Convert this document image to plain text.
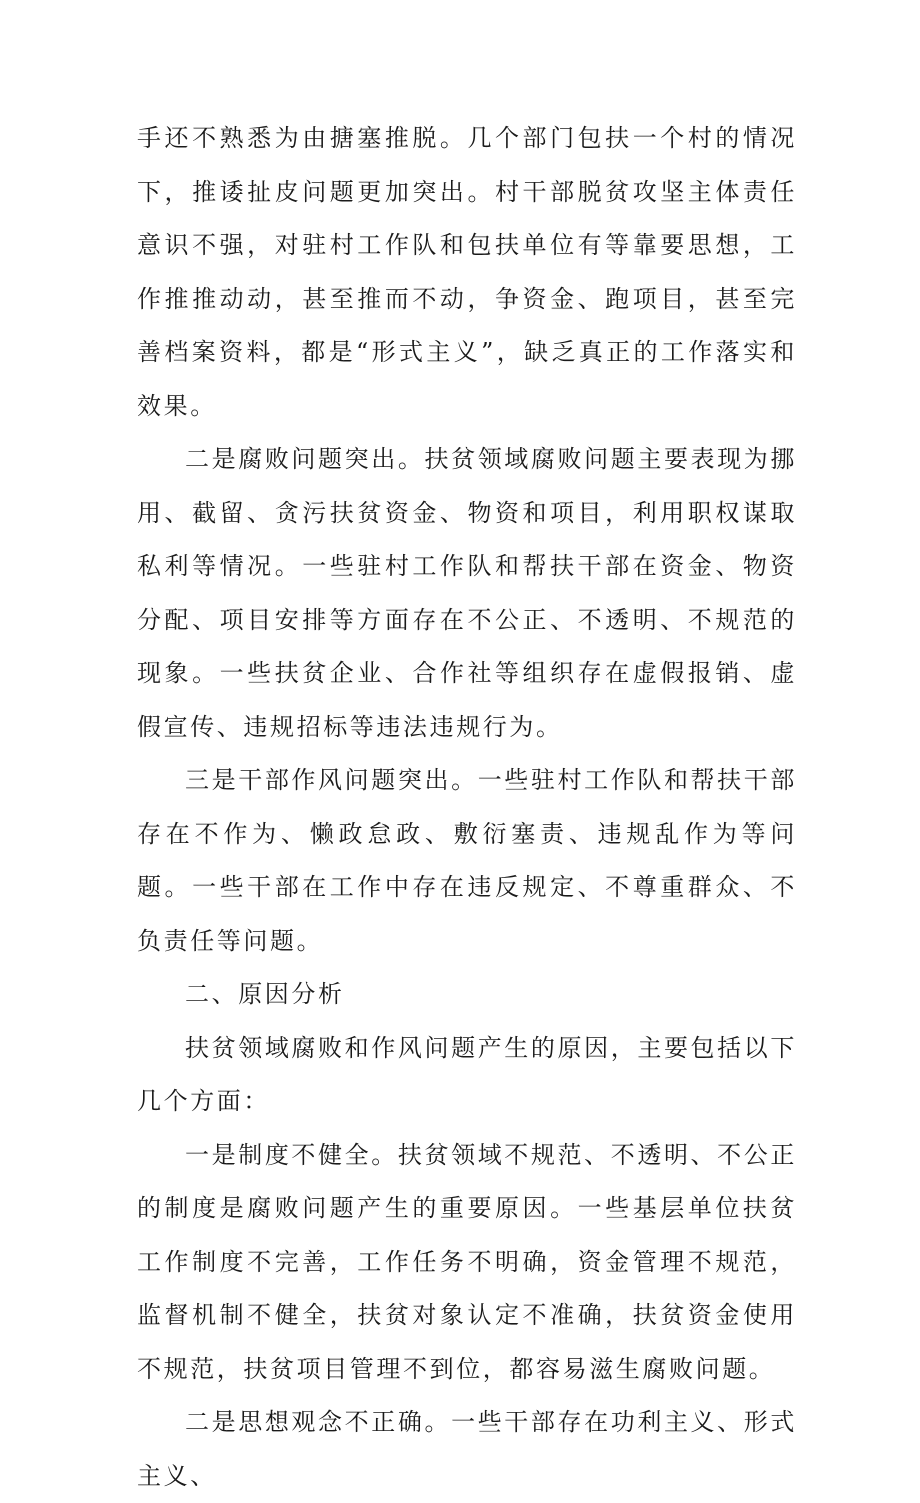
手还不熟悉为由搪塞推脱。几个部门包扶一个村的情况下，推诿扯皮问题更加突出。村干部脱贫攻坚主体责任意识不强，对驻村工作队和包扶单位有等靠要思想，工作推推动动，甚至推而不动，争资金、跑项目，甚至完善档案资料，都是“形式主义”，缺乏真正的工作落实和效果。

二是腐败问题突出。扶贫领域腐败问题主要表现为挪用、截留、贪污扶贫资金、物资和项目，利用职权谋取私利等情况。一些驻村工作队和帮扶干部在资金、物资分配、项目安排等方面存在不公正、不透明、不规范的现象。一些扶贫企业、合作社等组织存在虚假报销、虚假宣传、违规招标等违法违规行为。

三是干部作风问题突出。一些驻村工作队和帮扶干部存在不作为、懒政怠政、敷衍塞责、违规乱作为等问题。一些干部在工作中存在违反规定、不尊重群众、不负责任等问题。

二、原因分析

扶贫领域腐败和作风问题产生的原因，主要包括以下几个方面：

一是制度不健全。扶贫领域不规范、不透明、不公正的制度是腐败问题产生的重要原因。一些基层单位扶贫工作制度不完善，工作任务不明确，资金管理不规范，监督机制不健全，扶贫对象认定不准确，扶贫资金使用不规范，扶贫项目管理不到位，都容易滋生腐败问题。

二是思想观念不正确。一些干部存在功利主义、形式主义、
